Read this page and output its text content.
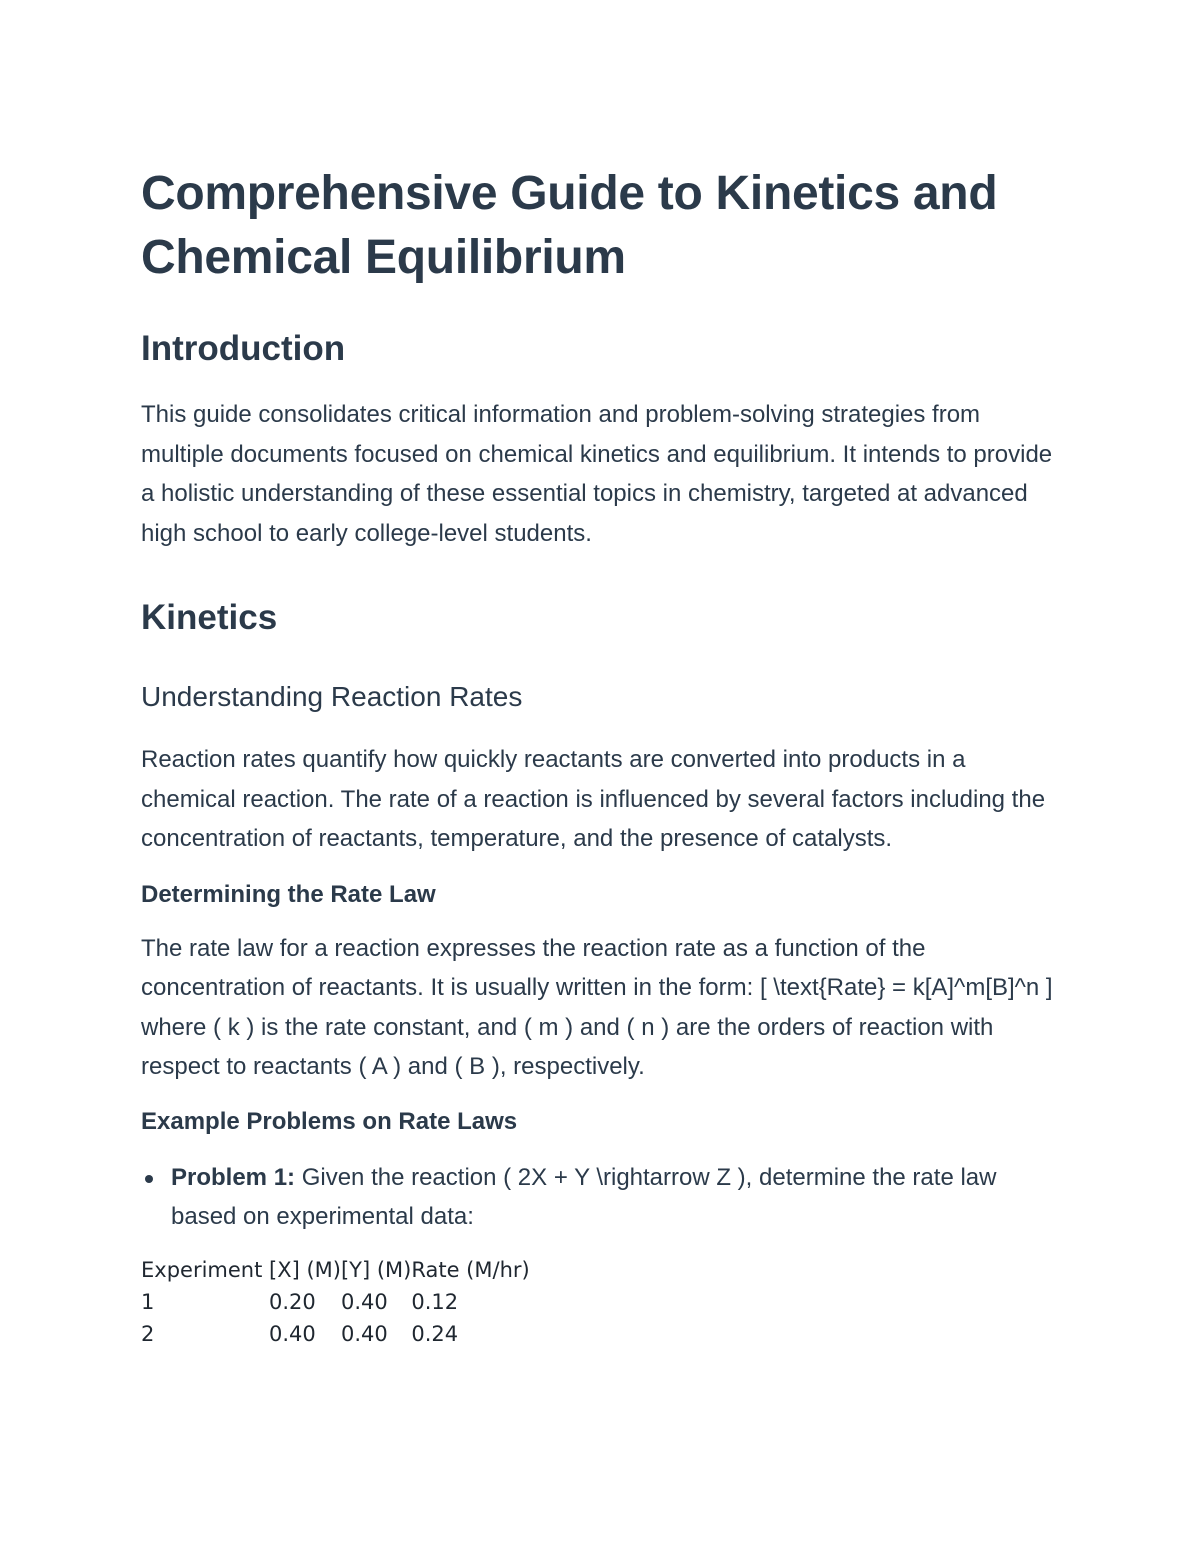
Comprehensive Guide to Kinetics and Chemical Equilibrium
Introduction

This guide consolidates critical information and problem-solving strategies from multiple documents focused on chemical kinetics and equilibrium. It intends to provide a holistic understanding of these essential topics in chemistry, targeted at advanced high school to early college-level students.

Kinetics
Understanding Reaction Rates

Reaction rates quantify how quickly reactants are converted into products in a chemical reaction. The rate of a reaction is influenced by several factors including the concentration of reactants, temperature, and the presence of catalysts.

Determining the Rate Law

The rate law for a reaction expresses the reaction rate as a function of the concentration of reactants. It is usually written in the form: [ \text{Rate} = k[A]^m[B]^n ] where ( k ) is the rate constant, and ( m ) and ( n ) are the orders of reaction with respect to reactants ( A ) and ( B ), respectively.

Example Problems on Rate Laws
Problem 1: Given the reaction ( 2X + Y \rightarrow Z ), determine the rate law based on experimental data:
Experiment	[X] (M)	[Y] (M)	Rate (M/hr)
1	0.20	0.40	0.12
2	0.40	0.40	0.24
